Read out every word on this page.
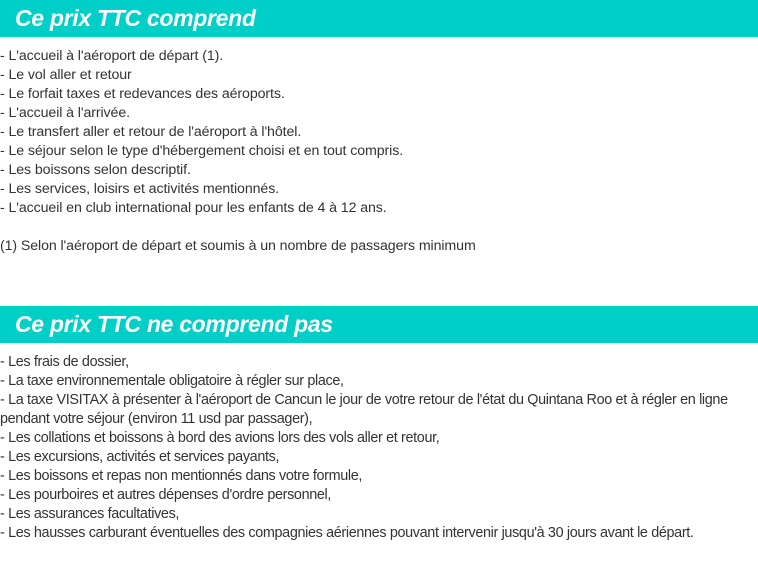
Ce prix TTC comprend
- L'accueil à l'aéroport de départ (1).
- Le vol aller et retour
- Le forfait taxes et redevances des aéroports.
- L'accueil à l'arrivée.
- Le transfert aller et retour de l'aéroport à l'hôtel.
- Le séjour selon le type d'hébergement choisi et en tout compris.
- Les boissons selon descriptif.
- Les services, loisirs et activités mentionnés.
- L'accueil en club international pour les enfants de 4 à 12 ans.
(1) Selon l'aéroport de départ et soumis à un nombre de passagers minimum
Ce prix TTC ne comprend pas
- Les frais de dossier,
- La taxe environnementale obligatoire à régler sur place,
- La taxe VISITAX à présenter à l'aéroport de Cancun le jour de votre retour de l'état du Quintana Roo et à régler en ligne pendant votre séjour (environ 11 usd par passager),
- Les collations et boissons à bord des avions lors des vols aller et retour,
- Les excursions, activités et services payants,
- Les boissons et repas non mentionnés dans votre formule,
- Les pourboires et autres dépenses d'ordre personnel,
- Les assurances facultatives,
- Les hausses carburant éventuelles des compagnies aériennes pouvant intervenir jusqu'à 30 jours avant le départ.
